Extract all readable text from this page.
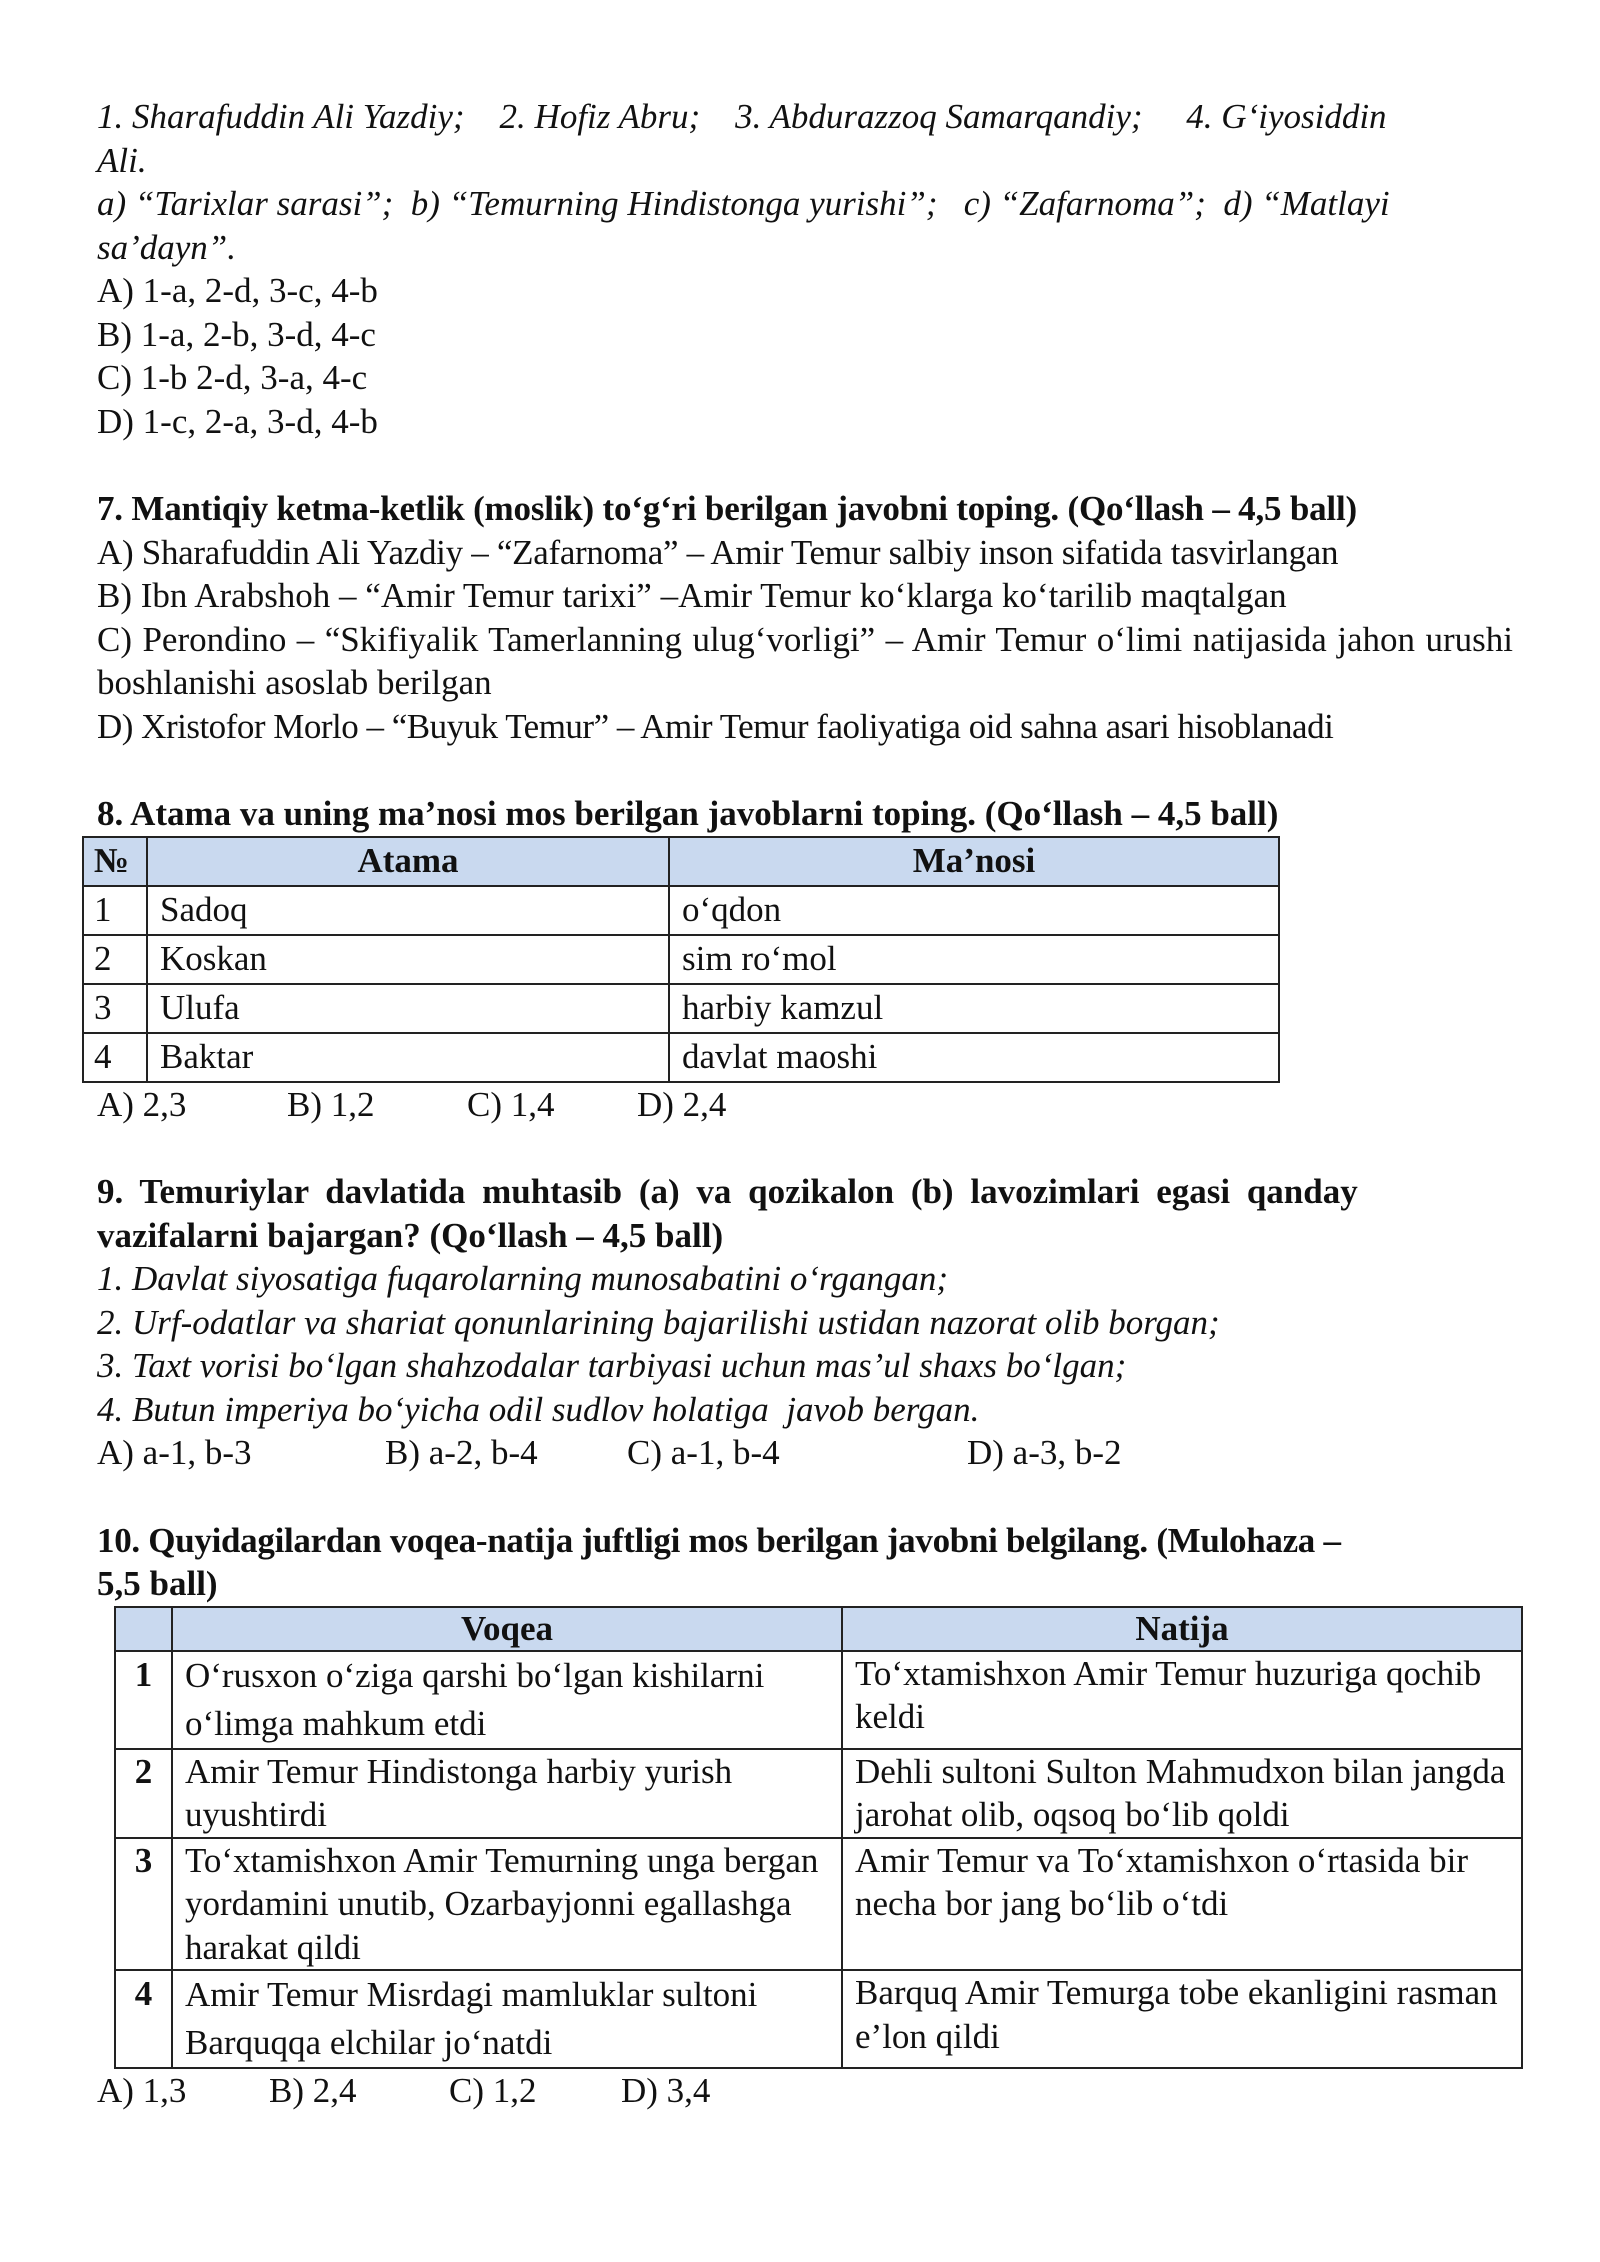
1. Sharafuddin Ali Yazdiy;    2. Hofiz Abru;    3. Abdurazzoq Samarqandiy;     4. G‘iyosiddin
Ali.
a) “Tarixlar sarasi”;  b) “Temurning Hindistonga yurishi”;   c) “Zafarnoma”;  d) “Matlayi
sa’dayn”.
A) 1-a, 2-d, 3-c, 4-b
B) 1-a, 2-b, 3-d, 4-c
C) 1-b 2-d, 3-a, 4-c
D) 1-c, 2-a, 3-d, 4-b
7. Mantiqiy ketma-ketlik (moslik) to‘g‘ri berilgan javobni toping. (Qo‘llash – 4,5 ball)
A) Sharafuddin Ali Yazdiy – “Zafarnoma” – Amir Temur salbiy inson sifatida tasvirlangan
B) Ibn Arabshoh – “Amir Temur tarixi” –Amir Temur ko‘klarga ko‘tarilib maqtalgan
C) Perondino – “Skifiyalik Tamerlanning ulug‘vorligi” – Amir Temur o‘limi natijasida jahon urushi boshlanishi asoslab berilgan
D) Xristofor Morlo – “Buyuk Temur” – Amir Temur faoliyatiga oid sahna asari hisoblanadi
8. Atama va uning ma’nosi mos berilgan javoblarni toping. (Qo‘llash – 4,5 ball)
№	Atama	Ma’nosi
1	Sadoq	o‘qdon
2	Koskan	sim ro‘mol
3	Ulufa	harbiy kamzul
4	Baktar	davlat maoshi
A) 2,3	B) 1,2	C) 1,4 D) 2,4
9. Temuriylar davlatida muhtasib (a) va qozikalon (b) lavozimlari egasi qanday
vazifalarni bajargan? (Qo‘llash – 4,5 ball)
1. Davlat siyosatiga fuqarolarning munosabatini o‘rgangan;
2. Urf-odatlar va shariat qonunlarining bajarilishi ustidan nazorat olib borgan;
3. Taxt vorisi bo‘lgan shahzodalar tarbiyasi uchun mas’ul shaxs bo‘lgan;
4. Butun imperiya bo‘yicha odil sudlov holatiga  javob bergan.
A) a-1, b-3	B) a-2, b-4	C) a-1, b-4	D) a-3, b-2
10. Quyidagilardan voqea-natija juftligi mos berilgan javobni belgilang. (Mulohaza –
5,5 ball)
	Voqea	Natija
1	O‘rusxon o‘ziga qarshi bo‘lgan kishilarni o‘limga mahkum etdi	To‘xtamishxon Amir Temur huzuriga qochib keldi
2	Amir Temur Hindistonga harbiy yurish uyushtirdi	Dehli sultoni Sulton Mahmudxon bilan jangda jarohat olib, oqsoq bo‘lib qoldi
3	To‘xtamishxon Amir Temurning unga bergan yordamini unutib, Ozarbayjonni egallashga harakat qildi	Amir Temur va To‘xtamishxon o‘rtasida bir necha bor jang bo‘lib o‘tdi
4	Amir Temur Misrdagi mamluklar sultoni Barquqqa elchilar jo‘natdi	Barquq Amir Temurga tobe ekanligini rasman e’lon qildi
A) 1,3 B) 2,4	C) 1,2 D) 3,4
